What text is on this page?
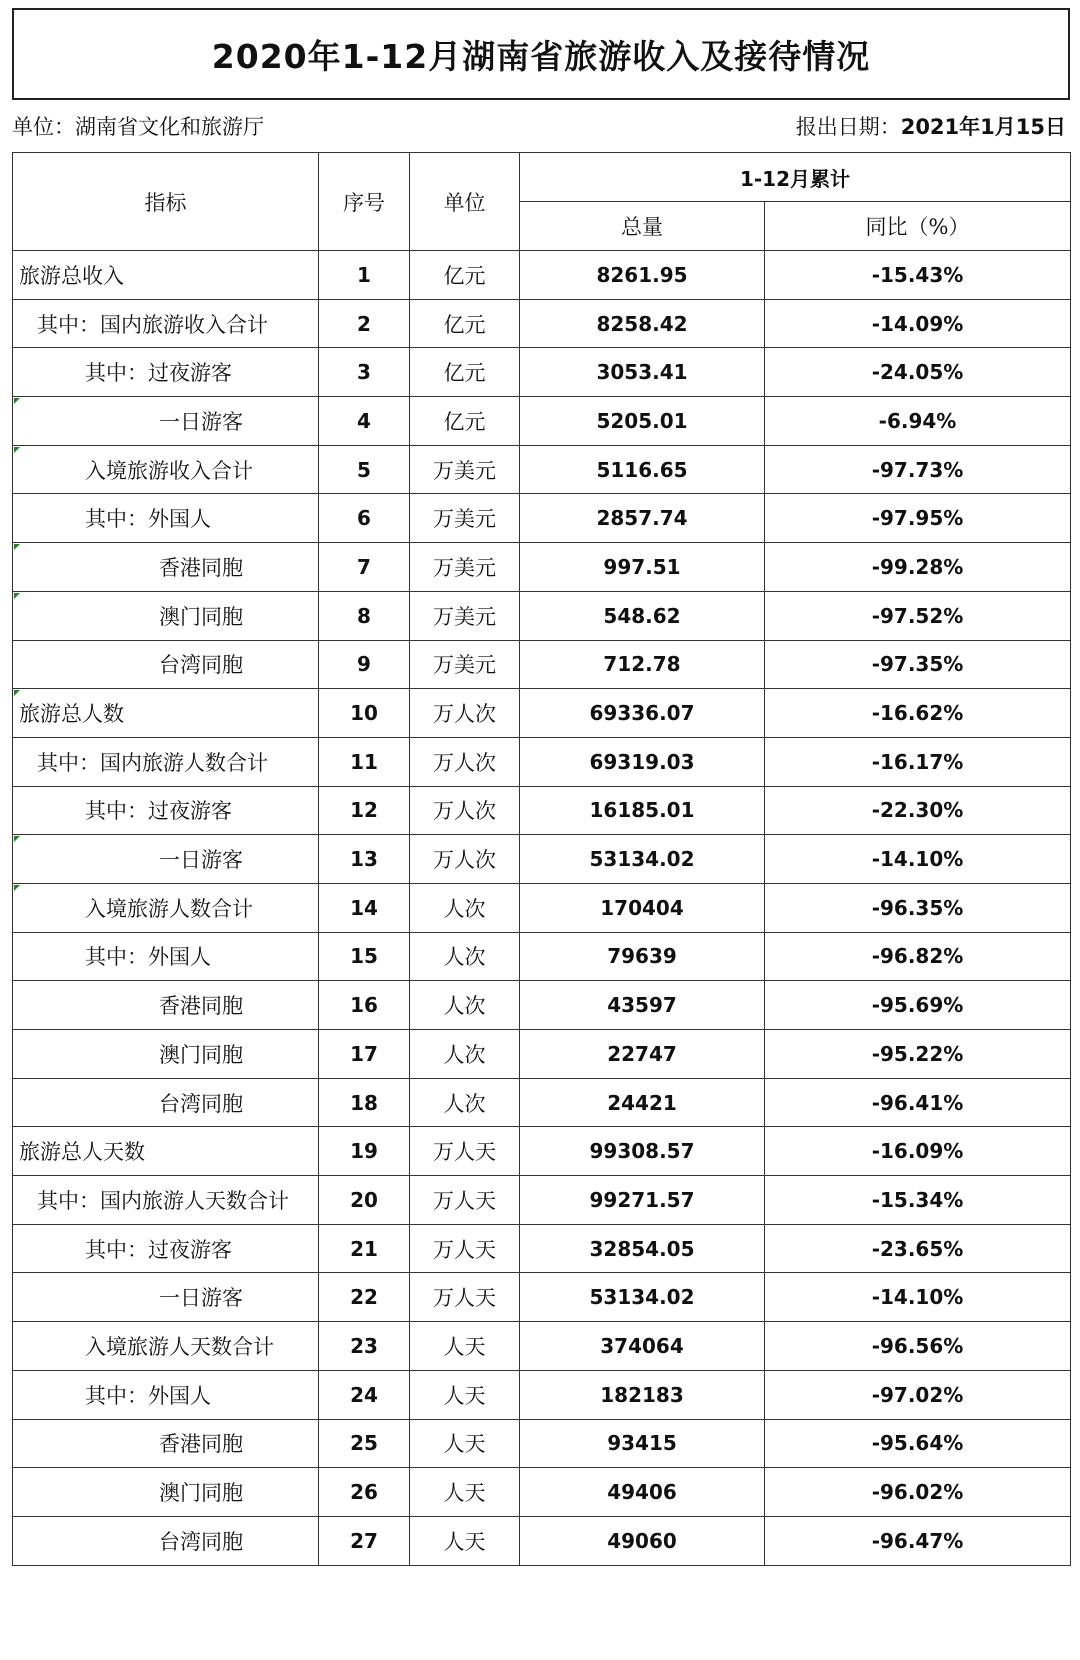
2020年1-12月湖南省旅游收入及接待情况
单位：湖南省文化和旅游厅	报出日期：2021年1月15日
指标	序号	单位	1-12月累计	
			总量	同比（%）
旅游总收入	1	亿元	8261.95	-15.43%
其中：国内旅游收入合计	2	亿元	8258.42	-14.09%
其中：过夜游客	3	亿元	3053.41	-24.05%
一日游客	4	亿元	5205.01	-6.94%
入境旅游收入合计	5	万美元	5116.65	-97.73%
其中：外国人	6	万美元	2857.74	-97.95%
香港同胞	7	万美元	997.51	-99.28%
澳门同胞	8	万美元	548.62	-97.52%
台湾同胞	9	万美元	712.78	-97.35%
旅游总人数	10	万人次	69336.07	-16.62%
其中：国内旅游人数合计	11	万人次	69319.03	-16.17%
其中：过夜游客	12	万人次	16185.01	-22.30%
一日游客	13	万人次	53134.02	-14.10%
入境旅游人数合计	14	人次	170404	-96.35%
其中：外国人	15	人次	79639	-96.82%
香港同胞	16	人次	43597	-95.69%
澳门同胞	17	人次	22747	-95.22%
台湾同胞	18	人次	24421	-96.41%
旅游总人天数	19	万人天	99308.57	-16.09%
其中：国内旅游人天数合计	20	万人天	99271.57	-15.34%
其中：过夜游客	21	万人天	32854.05	-23.65%
一日游客	22	万人天	53134.02	-14.10%
入境旅游人天数合计	23	人天	374064	-96.56%
其中：外国人	24	人天	182183	-97.02%
香港同胞	25	人天	93415	-95.64%
澳门同胞	26	人天	49406	-96.02%
台湾同胞	27	人天	49060	-96.47%
